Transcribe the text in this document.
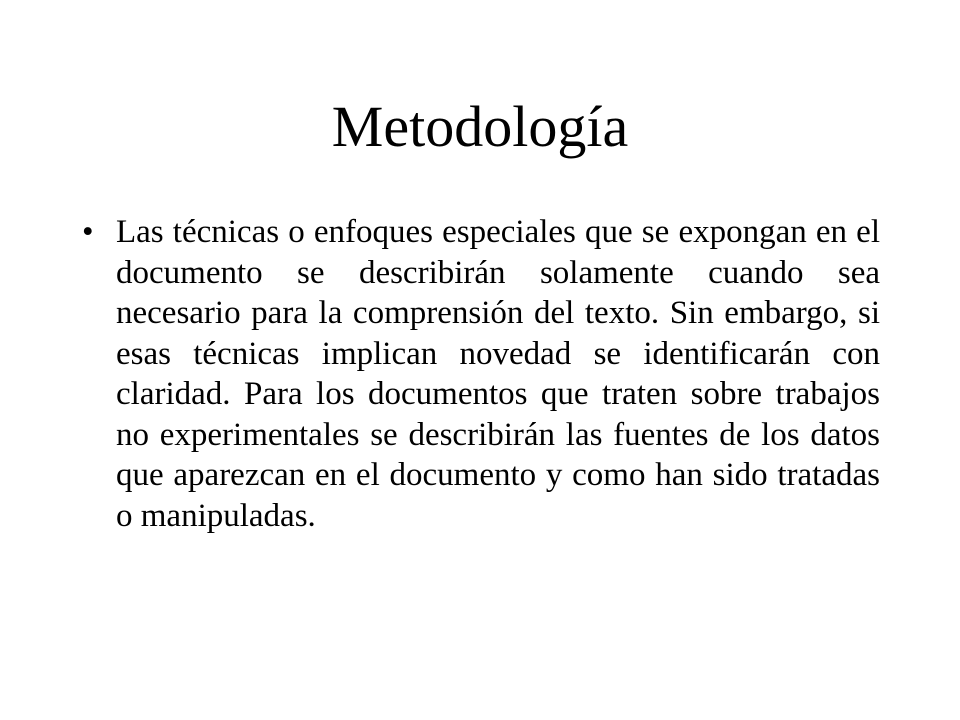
Metodología
• Las técnicas o enfoques especiales que se expongan en el documento se describirán solamente cuando sea necesario para la comprensión del texto. Sin embargo, si esas técnicas implican novedad se identificarán con claridad. Para los documentos que traten sobre trabajos no experimentales se describirán las fuentes de los datos que aparezcan en el documento y como han sido tratadas o manipuladas.
